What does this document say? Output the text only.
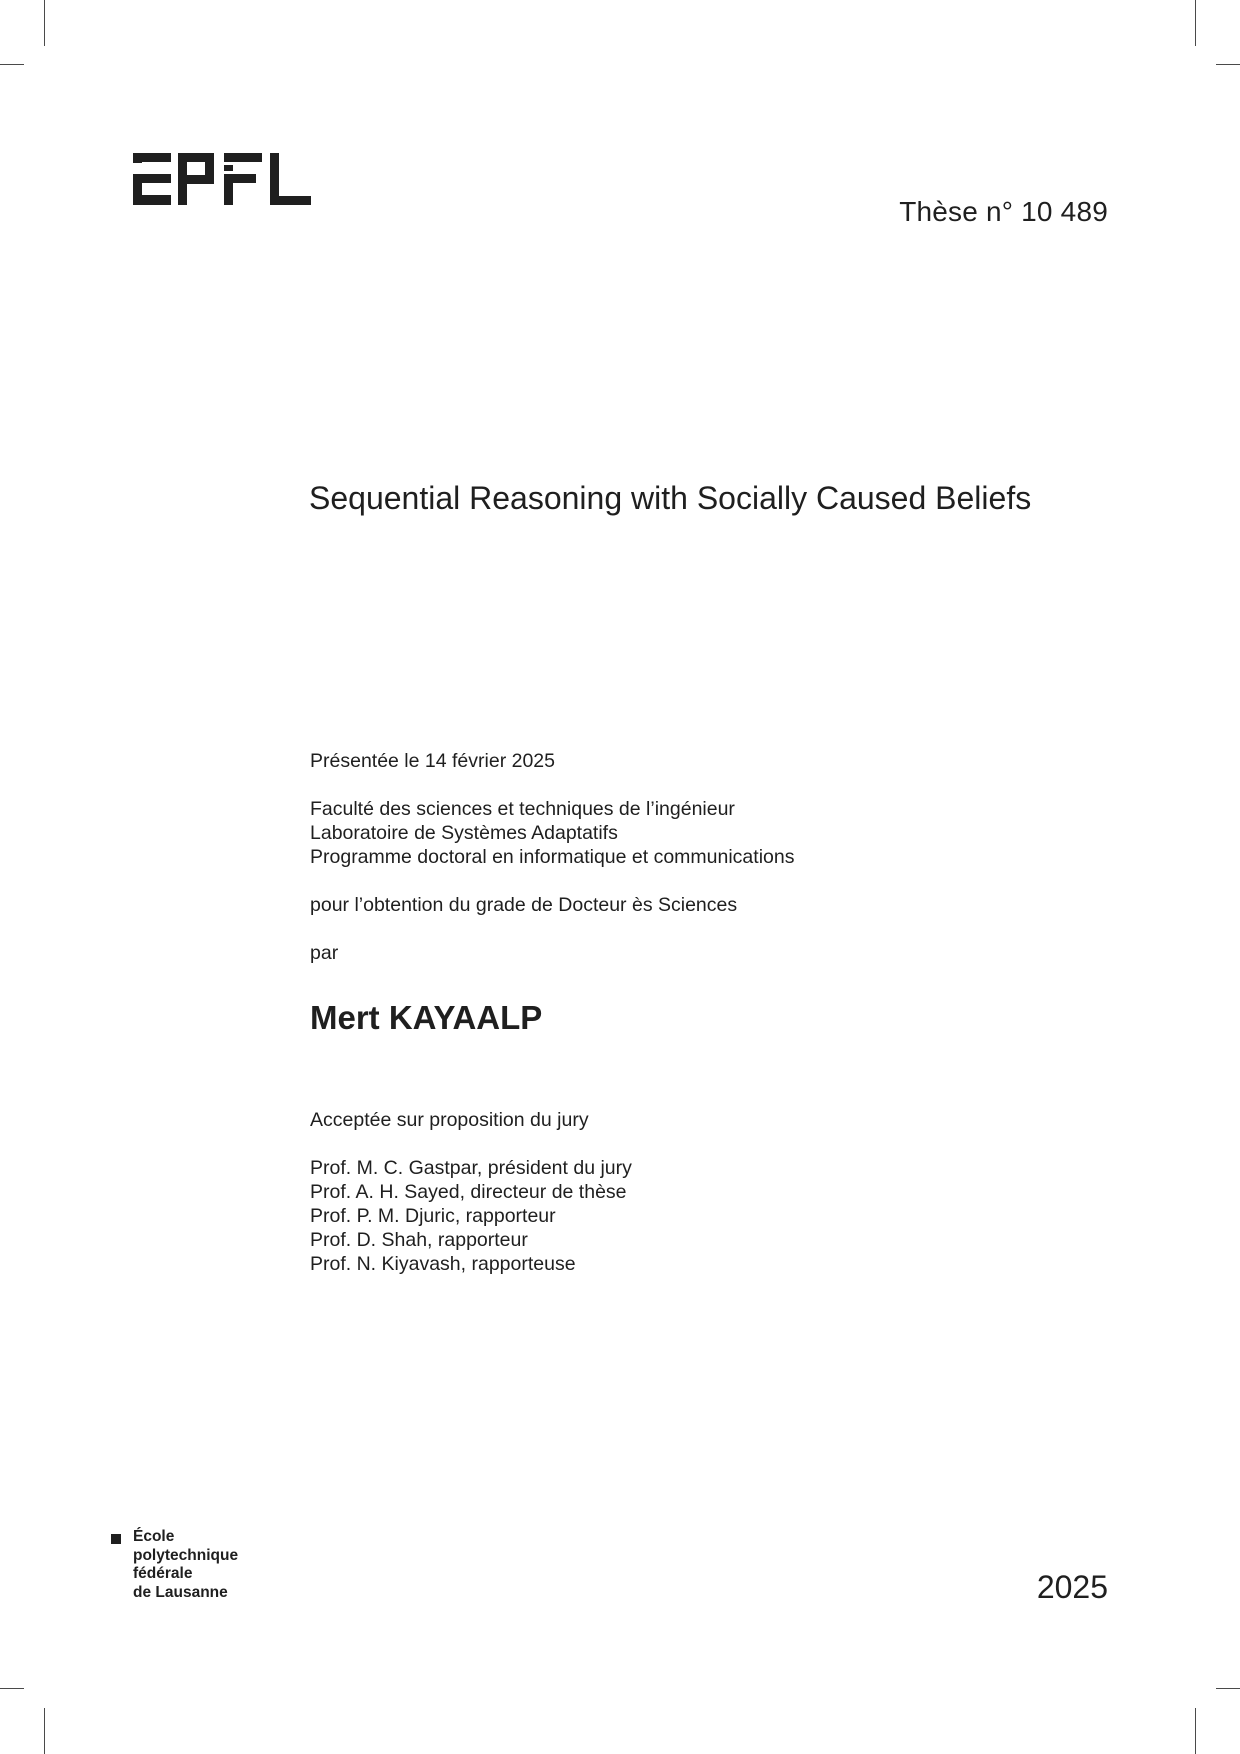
Thèse n° 10 489
Sequential Reasoning with Socially Caused Beliefs
Présentée le 14 février 2025
Faculté des sciences et techniques de l’ingénieur
Laboratoire de Systèmes Adaptatifs
Programme doctoral en informatique et communications
pour l’obtention du grade de Docteur ès Sciences
par
Mert KAYAALP
Acceptée sur proposition du jury
Prof. M. C. Gastpar, président du jury
Prof. A. H. Sayed, directeur de thèse
Prof. P. M. Djuric, rapporteur
Prof. D. Shah, rapporteur
Prof. N. Kiyavash, rapporteuse
École
polytechnique
fédérale
de Lausanne	2025
